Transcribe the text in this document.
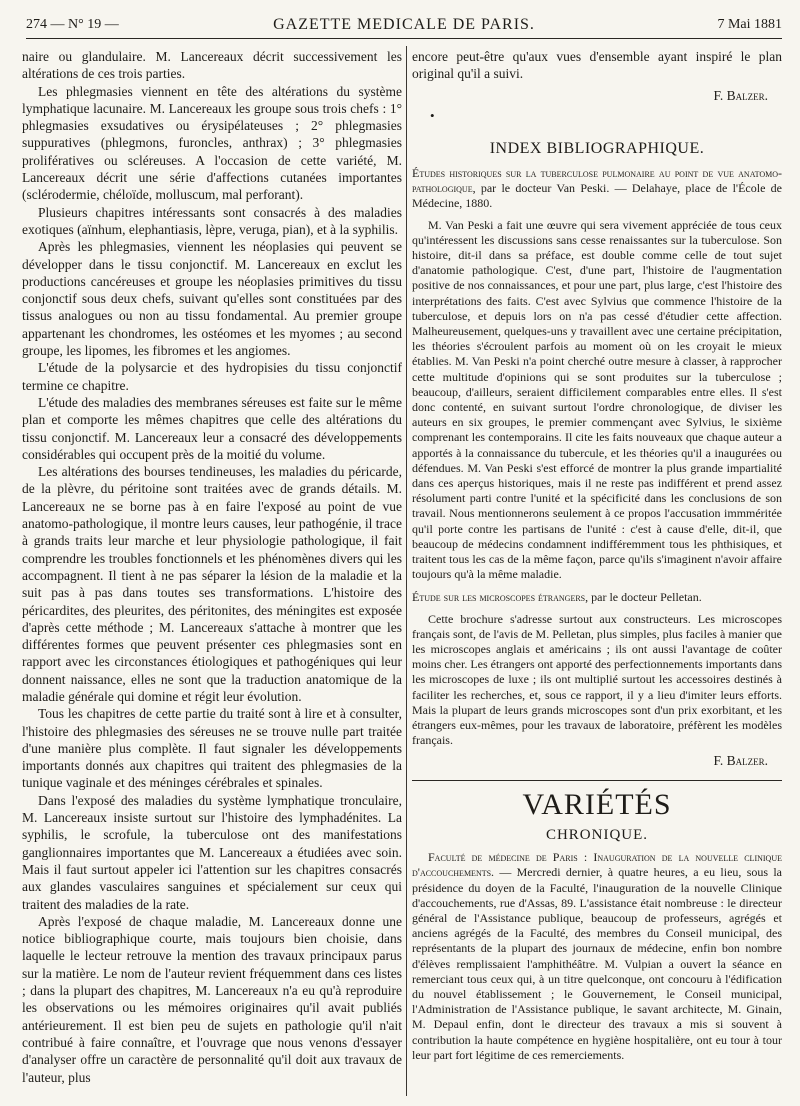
274 — N° 19 —	GAZETTE MEDICALE DE PARIS.	7 Mai 1881

naire ou glandulaire. M. Lancereaux décrit successivement les altérations de ces trois parties.

Les phlegmasies viennent en tête des altérations du système lymphatique lacunaire. M. Lancereaux les groupe sous trois chefs : 1° phlegmasies exsudatives ou érysipélateuses ; 2° phlegmasies suppuratives (phlegmons, furoncles, anthrax) ; 3° phlegmasies prolifératives ou scléreuses. A l'occasion de cette variété, M. Lancereaux décrit une série d'affections cutanées importantes (sclérodermie, chéloïde, molluscum, mal perforant).

Plusieurs chapitres intéressants sont consacrés à des maladies exotiques (aïnhum, elephantiasis, lèpre, veruga, pian), et à la syphilis.

Après les phlegmasies, viennent les néoplasies qui peuvent se développer dans le tissu conjonctif. M. Lancereaux en exclut les productions cancéreuses et groupe les néoplasies primitives du tissu conjonctif sous deux chefs, suivant qu'elles sont constituées par des tissus analogues ou non au tissu fondamental. Au premier groupe appartenant les chondromes, les ostéomes et les myomes ; au second groupe, les lipomes, les fibromes et les angiomes.

L'étude de la polysarcie et des hydropisies du tissu conjonctif termine ce chapitre.

L'étude des maladies des membranes séreuses est faite sur le même plan et comporte les mêmes chapitres que celle des altérations du tissu conjonctif. M. Lancereaux leur a consacré des développements considérables qui occupent près de la moitié du volume.

Les altérations des bourses tendineuses, les maladies du péricarde, de la plèvre, du péritoine sont traitées avec de grands détails. M. Lancereaux ne se borne pas à en faire l'exposé au point de vue anatomo-pathologique, il montre leurs causes, leur pathogénie, il trace à grands traits leur marche et leur physiologie pathologique, il fait comprendre les troubles fonctionnels et les phénomènes divers qui les accompagnent. Il tient à ne pas séparer la lésion de la maladie et la suit pas à pas dans toutes ses transformations. L'histoire des péricardites, des pleurites, des péritonites, des méningites est exposée d'après cette méthode ; M. Lancereaux s'attache à montrer que les différentes formes que peuvent présenter ces phlegmasies sont en rapport avec les circonstances étiologiques et pathogéniques qui leur donnent naissance, elles ne sont que la traduction anatomique de la maladie générale qui domine et régit leur évolution.

Tous les chapitres de cette partie du traité sont à lire et à consulter, l'histoire des phlegmasies des séreuses ne se trouve nulle part traitée d'une manière plus complète. Il faut signaler les développements importants donnés aux chapitres qui traitent des phlegmasies de la tunique vaginale et des méninges cérébrales et spinales.

Dans l'exposé des maladies du système lymphatique tronculaire, M. Lancereaux insiste surtout sur l'histoire des lymphadénites. La syphilis, le scrofule, la tuberculose ont des manifestations ganglionnaires importantes que M. Lancereaux a étudiées avec soin. Mais il faut surtout appeler ici l'attention sur les chapitres consacrés aux glandes vasculaires sanguines et spécialement sur ceux qui traitent des maladies de la rate.

Après l'exposé de chaque maladie, M. Lancereaux donne une notice bibliographique courte, mais toujours bien choisie, dans laquelle le lecteur retrouve la mention des travaux principaux parus sur la matière. Le nom de l'auteur revient fréquemment dans ces listes ; dans la plupart des chapitres, M. Lancereaux n'a eu qu'à reproduire les observations ou les mémoires originaires qu'il avait publiés antérieurement. Il est bien peu de sujets en pathologie qu'il n'ait contribué à faire connaître, et l'ouvrage que nous venons d'essayer d'analyser offre un caractère de personnalité qu'il doit aux travaux de l'auteur, plus

encore peut-être qu'aux vues d'ensemble ayant inspiré le plan original qu'il a suivi.

F. Balzer.
•
INDEX BIBLIOGRAPHIQUE.

Études historiques sur la tuberculose pulmonaire au point de vue anatomo-pathologique, par le docteur Van Peski. — Delahaye, place de l'École de Médecine, 1880.

M. Van Peski a fait une œuvre qui sera vivement appréciée de tous ceux qu'intéressent les discussions sans cesse renaissantes sur la tuberculose. Son histoire, dit-il dans sa préface, est double comme celle de tout sujet d'anatomie pathologique. C'est, d'une part, l'histoire de l'augmentation positive de nos connaissances, et pour une part, plus large, c'est l'histoire des interprétations des faits. C'est avec Sylvius que commence l'histoire de la tuberculose, et depuis lors on n'a pas cessé d'étudier cette affection. Malheureusement, quelques-uns y travaillent avec une certaine précipitation, les théories s'écroulent parfois au moment où on les croyait le mieux établies. M. Van Peski n'a point cherché outre mesure à classer, à rapprocher cette multitude d'opinions qui se sont produites sur la tuberculose ; beaucoup, d'ailleurs, seraient difficilement comparables entre elles. Il s'est donc contenté, en suivant surtout l'ordre chronologique, de diviser les auteurs en six groupes, le premier commençant avec Sylvius, le sixième comprenant les contemporains. Il cite les faits nouveaux que chaque auteur a apportés à la connaissance du tubercule, et les théories qu'il a inaugurées ou défendues. M. Van Peski s'est efforcé de montrer la plus grande impartialité dans ces aperçus historiques, mais il ne reste pas indifférent et prend assez résolument parti contre l'unité et la spécificité dans les conclusions de son travail. Nous mentionnerons seulement à ce propos l'accusation immméritée qu'il porte contre les partisans de l'unité : c'est à cause d'elle, dit-il, que beaucoup de médecins condamnent indifféremment tous les phthisiques, et traitent tous les cas de la même façon, parce qu'ils s'imaginent n'avoir affaire toujours qu'à la même maladie.

Étude sur les microscopes étrangers, par le docteur Pelletan.

Cette brochure s'adresse surtout aux constructeurs. Les microscopes français sont, de l'avis de M. Pelletan, plus simples, plus faciles à manier que les microscopes anglais et américains ; ils ont aussi l'avantage de coûter moins cher. Les étrangers ont apporté des perfectionnements importants dans les microscopes de luxe ; ils ont multiplié surtout les accessoires destinés à faciliter les recherches, et, sous ce rapport, il y a lieu d'imiter leurs efforts. Mais la plupart de leurs grands microscopes sont d'un prix exorbitant, et les étrangers eux-mêmes, pour les travaux de laboratoire, préfèrent les modèles français.

F. Balzer.
VARIÉTÉS
CHRONIQUE.

Faculté de médecine de Paris : Inauguration de la nouvelle clinique d'accouchements. — Mercredi dernier, à quatre heures, a eu lieu, sous la présidence du doyen de la Faculté, l'inauguration de la nouvelle Clinique d'accouchements, rue d'Assas, 89. L'assistance était nombreuse : le directeur général de l'Assistance publique, beaucoup de professeurs, agrégés et anciens agrégés de la Faculté, des membres du Conseil municipal, des représentants de la plupart des journaux de médecine, enfin bon nombre d'élèves remplissaient l'amphithéâtre. M. Vulpian a ouvert la séance en remerciant tous ceux qui, à un titre quelconque, ont concouru à l'édification du nouvel établissement ; le Gouvernement, le Conseil municipal, l'Administration de l'Assistance publique, le savant architecte, M. Ginain, M. Depaul enfin, dont le directeur des travaux a mis si souvent à contribution la haute compétence en hygiène hospitalière, ont eu tour à tour leur part fort légitime de ces remerciements.
